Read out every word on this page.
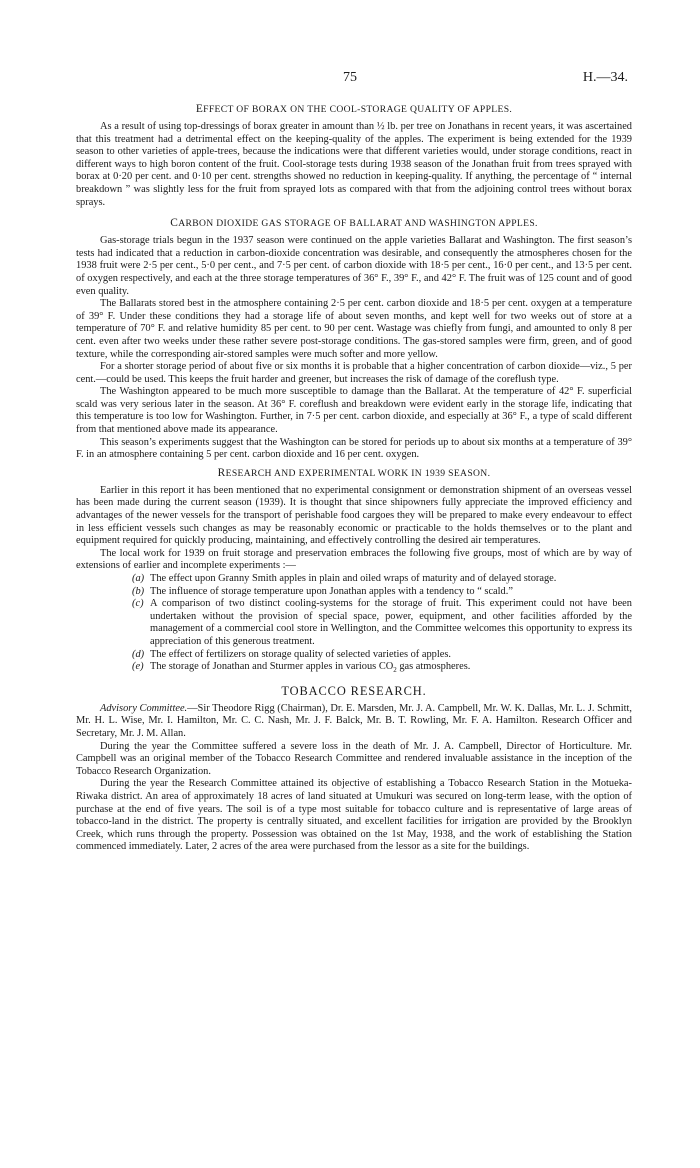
75	H.—34.
EFFECT OF BORAX ON THE COOL-STORAGE QUALITY OF APPLES.

As a result of using top-dressings of borax greater in amount than ½ lb. per tree on Jonathans in recent years, it was ascertained that this treatment had a detrimental effect on the keeping-quality of the apples. The experiment is being extended for the 1939 season to other varieties of apple-trees, because the indications were that different varieties would, under storage conditions, react in different ways to high boron content of the fruit. Cool-storage tests during 1938 season of the Jonathan fruit from trees sprayed with borax at 0·20 per cent. and 0·10 per cent. strengths showed no reduction in keeping-quality. If anything, the percentage of “ internal breakdown ” was slightly less for the fruit from sprayed lots as compared with that from the adjoining control trees without borax sprays.

CARBON DIOXIDE GAS STORAGE OF BALLARAT AND WASHINGTON APPLES.

Gas-storage trials begun in the 1937 season were continued on the apple varieties Ballarat and Washington. The first season’s tests had indicated that a reduction in carbon-dioxide concentration was desirable, and consequently the atmospheres chosen for the 1938 fruit were 2·5 per cent., 5·0 per cent., and 7·5 per cent. of carbon dioxide with 18·5 per cent., 16·0 per cent., and 13·5 per cent. of oxygen respectively, and each at the three storage temperatures of 36° F., 39° F., and 42° F. The fruit was of 125 count and of good even quality.

The Ballarats stored best in the atmosphere containing 2·5 per cent. carbon dioxide and 18·5 per cent. oxygen at a temperature of 39° F. Under these conditions they had a storage life of about seven months, and kept well for two weeks out of store at a temperature of 70° F. and relative humidity 85 per cent. to 90 per cent. Wastage was chiefly from fungi, and amounted to only 8 per cent. even after two weeks under these rather severe post-storage conditions. The gas-stored samples were firm, green, and of good texture, while the corresponding air-stored samples were much softer and more yellow.

For a shorter storage period of about five or six months it is probable that a higher concentration of carbon dioxide—viz., 5 per cent.—could be used. This keeps the fruit harder and greener, but increases the risk of damage of the coreflush type.

The Washington appeared to be much more susceptible to damage than the Ballarat. At the temperature of 42° F. superficial scald was very serious later in the season. At 36° F. coreflush and breakdown were evident early in the storage life, indicating that this temperature is too low for Washington. Further, in 7·5 per cent. carbon dioxide, and especially at 36° F., a type of scald different from that mentioned above made its appearance.

This season’s experiments suggest that the Washington can be stored for periods up to about six months at a temperature of 39° F. in an atmosphere containing 5 per cent. carbon dioxide and 16 per cent. oxygen.

RESEARCH AND EXPERIMENTAL WORK IN 1939 SEASON.

Earlier in this report it has been mentioned that no experimental consignment or demonstration shipment of an overseas vessel has been made during the current season (1939). It is thought that since shipowners fully appreciate the improved efficiency and advantages of the newer vessels for the transport of perishable food cargoes they will be prepared to make every endeavour to effect in less efficient vessels such changes as may be reasonably economic or practicable to the holds themselves or to the plant and equipment required for quickly producing, maintaining, and effectively controlling the desired air temperatures.

The local work for 1939 on fruit storage and preservation embraces the following five groups, most of which are by way of extensions of earlier and incomplete experiments :—

(a) The effect upon Granny Smith apples in plain and oiled wraps of maturity and of delayed storage.
(b) The influence of storage temperature upon Jonathan apples with a tendency to “ scald.”
(c) A comparison of two distinct cooling-systems for the storage of fruit. This experiment could not have been undertaken without the provision of special space, power, equipment, and other facilities afforded by the management of a commercial cool store in Wellington, and the Committee welcomes this opportunity to express its appreciation of this generous treatment.
(d) The effect of fertilizers on storage quality of selected varieties of apples.
(e) The storage of Jonathan and Sturmer apples in various $CO_2$ gas atmospheres.
TOBACCO RESEARCH.

Advisory Committee.—Sir Theodore Rigg (Chairman), Dr. E. Marsden, Mr. J. A. Campbell, Mr. W. K. Dallas, Mr. L. J. Schmitt, Mr. H. L. Wise, Mr. I. Hamilton, Mr. C. C. Nash, Mr. J. F. Balck, Mr. B. T. Rowling, Mr. F. A. Hamilton. Research Officer and Secretary, Mr. J. M. Allan.

During the year the Committee suffered a severe loss in the death of Mr. J. A. Campbell, Director of Horticulture. Mr. Campbell was an original member of the Tobacco Research Committee and rendered invaluable assistance in the inception of the Tobacco Research Organization.

During the year the Research Committee attained its objective of establishing a Tobacco Research Station in the Motueka-Riwaka district. An area of approximately 18 acres of land situated at Umukuri was secured on long-term lease, with the option of purchase at the end of five years. The soil is of a type most suitable for tobacco culture and is representative of large areas of tobacco-land in the district. The property is centrally situated, and excellent facilities for irrigation are provided by the Brooklyn Creek, which runs through the property. Possession was obtained on the 1st May, 1938, and the work of establishing the Station commenced immediately. Later, 2 acres of the area were purchased from the lessor as a site for the buildings.
